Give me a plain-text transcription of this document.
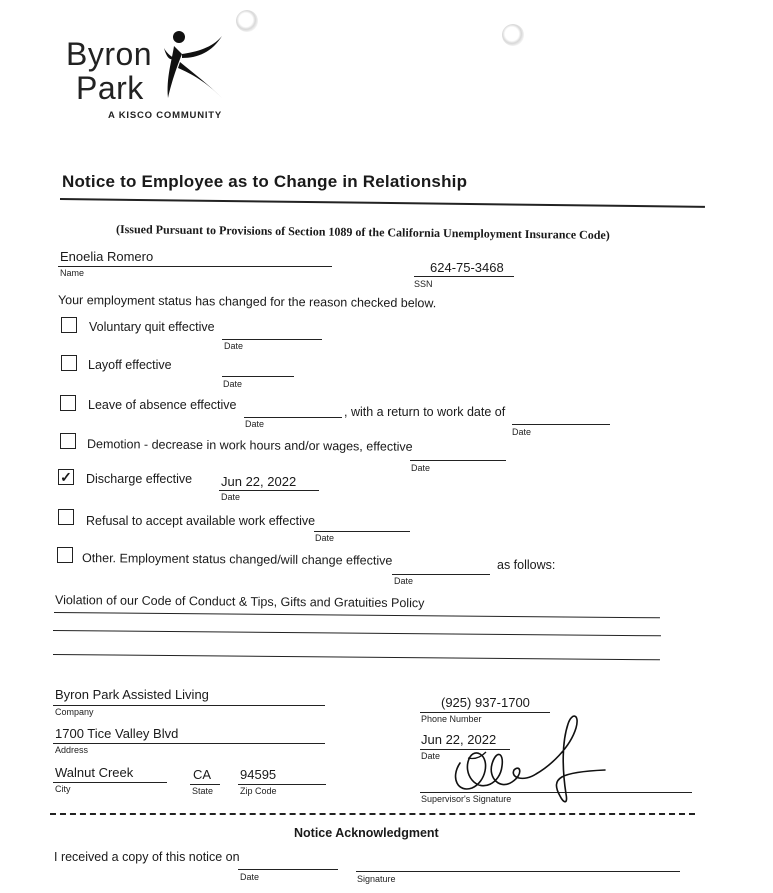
Byron
Park
A KISCO COMMUNITY
Notice to Employee as to Change in Relationship
(Issued Pursuant to Provisions of Section 1089 of the California Unemployment Insurance Code)
Enoelia Romero
Name	624-75-3468
SSN
Your employment status has changed for the reason checked below.
Voluntary quit effective
Date
Layoff effective
Date
Leave of absence effective
Date
, with a return to work date of
Date
Demotion - decrease in work hours and/or wages, effective
Date
✓ Discharge effective Jun 22, 2022
Date
Refusal to accept available work effective
Date
Other. Employment status changed/will change effective
Date
as follows:
Violation of our Code of Conduct & Tips, Gifts and Gratuities Policy
Byron Park Assisted Living
Company
1700 Tice Valley Blvd
Address
Walnut Creek
City
CA
State
94595
Zip Code
(925) 937-1700
Phone Number
Jun 22, 2022
Date
Supervisor's Signature
Notice Acknowledgment
I received a copy of this notice on
Date	Signature
